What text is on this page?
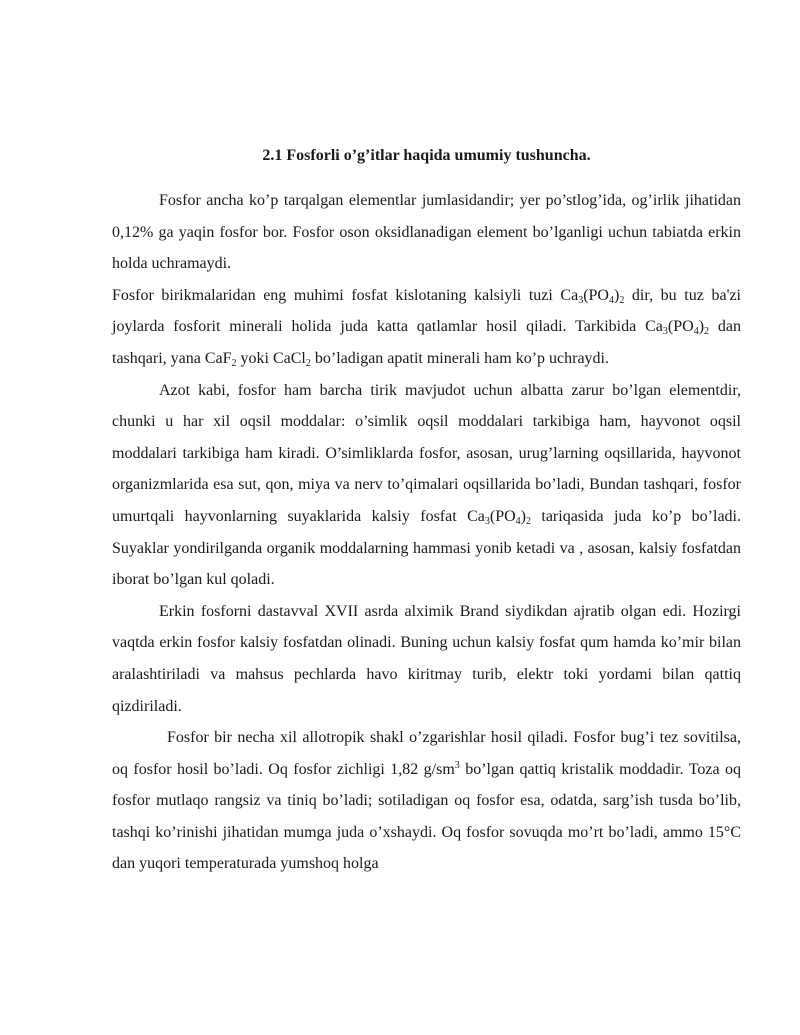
2.1 Fosforli o’g’itlar haqida umumiy tushuncha.

Fosfor ancha ko’p tarqalgan elementlar jumlasidandir; yer po’stlog’ida, og’irlik jihatidan 0,12% ga yaqin fosfor bor. Fosfor oson oksidlanadigan element bo’lganligi uchun tabiatda erkin holda uchramaydi.

Fosfor birikmalaridan eng muhimi fosfat kislotaning kalsiyli tuzi $Ca_3(PO_4)_2$ dir, bu tuz ba'zi joylarda fosforit minerali holida juda katta qatlamlar hosil qiladi. Tarkibida $Ca_3(PO_4)_2$ dan tashqari, yana CaF$_2$ yoki CaCl$_2$ bo’ladigan apatit minerali ham ko’p uchraydi.

Azot kabi, fosfor ham barcha tirik mavjudot uchun albatta zarur bo’lgan elementdir, chunki u har xil oqsil moddalar: o’simlik oqsil moddalari tarkibiga ham, hayvonot oqsil moddalari tarkibiga ham kiradi. O’simliklarda fosfor, asosan, urug’larning oqsillarida, hayvonot organizmlarida esa sut, qon, miya va nerv to’qimalari oqsillarida bo’ladi, Bundan tashqari, fosfor umurtqali hayvonlarning suyaklarida kalsiy fosfat $Ca_3(PO_4)_2$ tariqasida juda ko’p bo’ladi. Suyaklar yondirilganda organik moddalarning hammasi yonib ketadi va , asosan, kalsiy fosfatdan iborat bo’lgan kul qoladi.

Erkin fosforni dastavval XVII asrda alximik Brand siydikdan ajratib olgan edi. Hozirgi vaqtda erkin fosfor kalsiy fosfatdan olinadi. Buning uchun kalsiy fosfat qum hamda ko’mir bilan aralashtiriladi va mahsus pechlarda havo kiritmay turib, elektr toki yordami bilan qattiq qizdiriladi.

Fosfor bir necha xil allotropik shakl o’zgarishlar hosil qiladi. Fosfor bug’i tez sovitilsa, oq fosfor hosil bo’ladi. Oq fosfor zichligi 1,82 $g/sm^3$ bo’lgan qattiq kristalik moddadir. Toza oq fosfor mutlaqo rangsiz va tiniq bo’ladi; sotiladigan oq fosfor esa, odatda, sarg’ish tusda bo’lib, tashqi ko’rinishi jihatidan mumga juda o’xshaydi. Oq fosfor sovuqda mo’rt bo’ladi, ammo 15°C dan yuqori temperaturada yumshoq holga
